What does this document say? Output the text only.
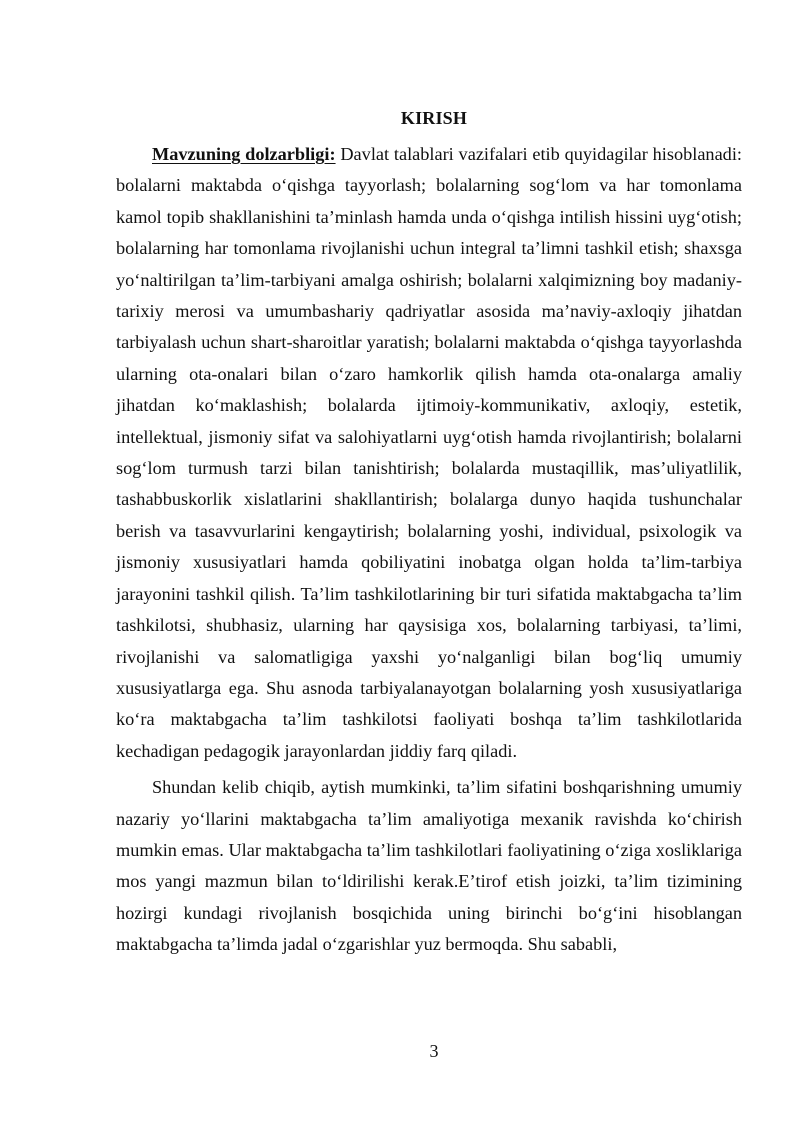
KIRISH

Mavzuning dolzarbligi: Davlat talablari vazifalari etib quyidagilar hisoblanadi: bolalarni maktabda oʻqishga tayyorlash; bolalarning sogʻlom va har tomonlama kamol topib shakllanishini taʼminlash hamda unda oʻqishga intilish hissini uygʻotish; bolalarning har tomonlama rivojlanishi uchun integral taʼlimni tashkil etish; shaxsga yoʻnaltirilgan taʼlim-tarbiyani amalga oshirish; bolalarni xalqimizning boy madaniy-tarixiy merosi va umumbashariy qadriyatlar asosida maʼnaviy-axloqiy jihatdan tarbiyalash uchun shart-sharoitlar yaratish; bolalarni maktabda oʻqishga tayyorlashda ularning ota-onalari bilan oʻzaro hamkorlik qilish hamda ota-onalarga amaliy jihatdan koʻmaklashish; bolalarda ijtimoiy-kommunikativ, axloqiy, estetik, intellektual, jismoniy sifat va salohiyatlarni uygʻotish hamda rivojlantirish; bolalarni sogʻlom turmush tarzi bilan tanishtirish; bolalarda mustaqillik, masʼuliyatlilik, tashabbuskorlik xislatlarini shakllantirish; bolalarga dunyo haqida tushunchalar berish va tasavvurlarini kengaytirish; bolalarning yoshi, individual, psixologik va jismoniy xususiyatlari hamda qobiliyatini inobatga olgan holda taʼlim-tarbiya jarayonini tashkil qilish. Taʼlim tashkilotlarining bir turi sifatida maktabgacha taʼlim tashkilotsi, shubhasiz, ularning har qaysisiga xos, bolalarning tarbiyasi, taʼlimi, rivojlanishi va salomatligiga yaxshi yoʻnalganligi bilan bogʻliq umumiy xususiyatlarga ega. Shu asnoda tarbiyalanayotgan bolalarning yosh xususiyatlariga koʻra maktabgacha taʼlim tashkilotsi faoliyati boshqa taʼlim tashkilotlarida kechadigan pedagogik jarayonlardan jiddiy farq qiladi.

Shundan kelib chiqib, aytish mumkinki, taʼlim sifatini boshqarishning umumiy nazariy yoʻllarini maktabgacha taʼlim amaliyotiga mexanik ravishda koʻchirish mumkin emas. Ular maktabgacha taʼlim tashkilotlari faoliyatining oʻziga xosliklariga mos yangi mazmun bilan toʻldirilishi kerak.Eʼtirof etish joizki, taʼlim tizimining hozirgi kundagi rivojlanish bosqichida uning birinchi boʻgʻini hisoblangan maktabgacha taʼlimda jadal oʻzgarishlar yuz bermoqda. Shu sababli,

3
